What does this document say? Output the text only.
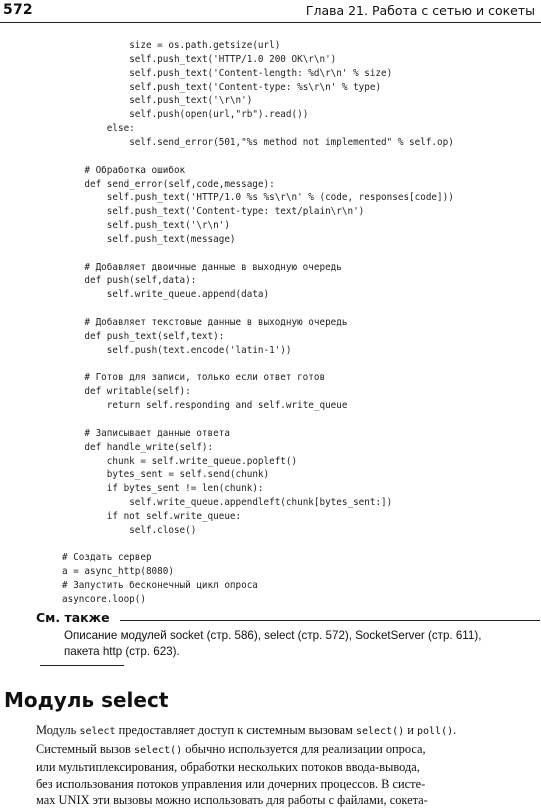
572	Глава 21. Работа с сетью и сокеты
size = os.path.getsize(url)
self.push_text('HTTP/1.0 200 OK\r\n')
self.push_text('Content-length: %d\r\n' % size)
self.push_text('Content-type: %s\r\n' % type)
self.push_text('\r\n')
self.push(open(url,"rb").read())
else:
self.send_error(501,"%s method not implemented" % self.op)
# Обработка ошибок
def send_error(self,code,message):
self.push_text('HTTP/1.0 %s %s\r\n' % (code, responses[code]))
self.push_text('Content-type: text/plain\r\n')
self.push_text('\r\n')
self.push_text(message)
# Добавляет двоичные данные в выходную очередь
def push(self,data):
self.write_queue.append(data)
# Добавляет текстовые данные в выходную очередь
def push_text(self,text):
self.push(text.encode('latin-1'))
# Готов для записи, только если ответ готов
def writable(self):
return self.responding and self.write_queue
# Записывает данные ответа
def handle_write(self):
chunk = self.write_queue.popleft()
bytes_sent = self.send(chunk)
if bytes_sent != len(chunk):
self.write_queue.appendleft(chunk[bytes_sent:])
if not self.write_queue:
self.close()
# Создать сервер
a = async_http(8080)
# Запустить бесконечный цикл опроса
asyncore.loop()
См. также
Описание модулей socket (стр. 586), select (стр. 572), SocketServer (стр. 611),
пакета http (стр. 623).
Модуль select
Модуль select предоставляет доступ к системным вызовам select() и poll().
Системный вызов select() обычно используется для реализации опроса,
или мультиплексирования, обработки нескольких потоков ввода-вывода,
без использования потоков управления или дочерних процессов. В систе-
мах UNIX эти вызовы можно использовать для работы с файлами, сокета-
